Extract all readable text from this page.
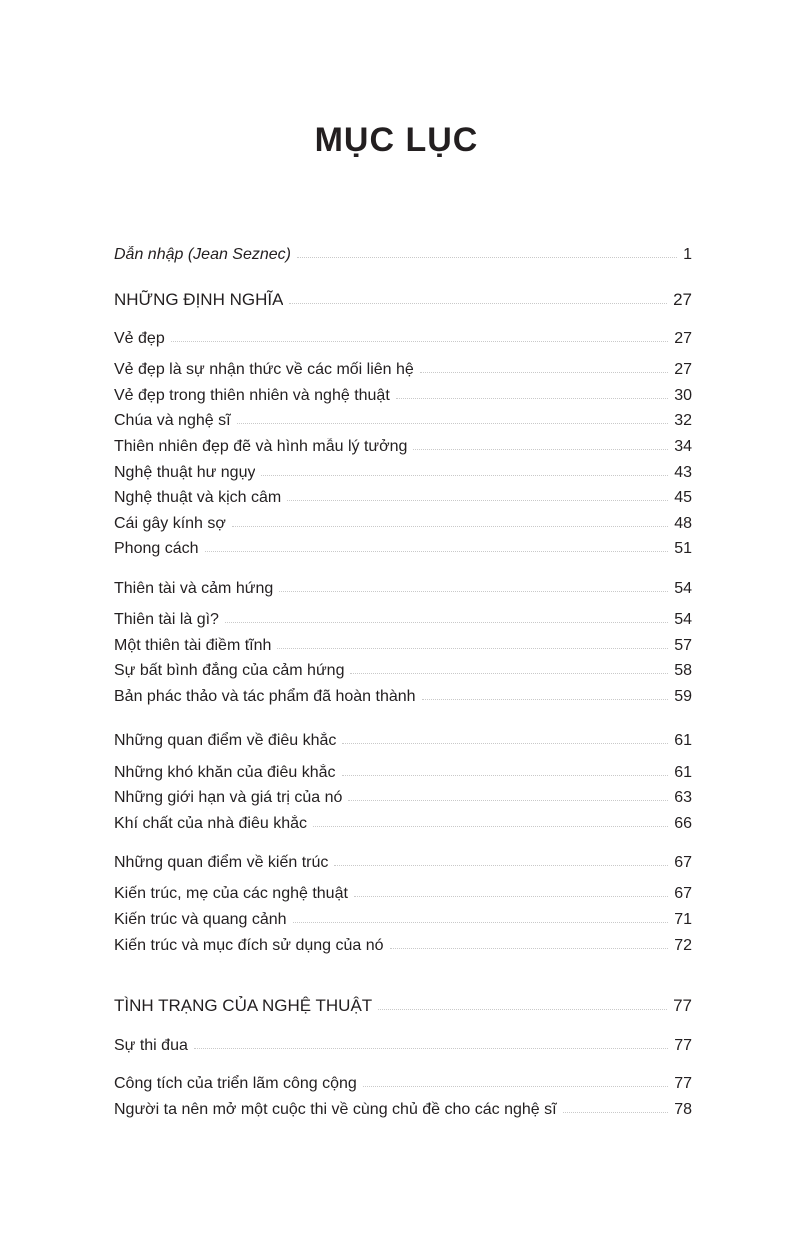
MỤC LỤC
Dẫn nhập (Jean Seznec)	1
NHỮNG ĐỊNH NGHĨA	27
Vẻ đẹp	27
Vẻ đẹp là sự nhận thức về các mối liên hệ	27
Vẻ đẹp trong thiên nhiên và nghệ thuật	30
Chúa và nghệ sĩ	32
Thiên nhiên đẹp đẽ và hình mẫu lý tưởng	34
Nghệ thuật hư ngụy	43
Nghệ thuật và kịch câm	45
Cái gây kính sợ	48
Phong cách	51
Thiên tài và cảm hứng	54
Thiên tài là gì?	54
Một thiên tài điềm tĩnh	57
Sự bất bình đẳng của cảm hứng	58
Bản phác thảo và tác phẩm đã hoàn thành	59
Những quan điểm về điêu khắc	61
Những khó khăn của điêu khắc	61
Những giới hạn và giá trị của nó	63
Khí chất của nhà điêu khắc	66
Những quan điểm về kiến trúc	67
Kiến trúc, mẹ của các nghệ thuật	67
Kiến trúc và quang cảnh	71
Kiến trúc và mục đích sử dụng của nó	72
TÌNH TRẠNG CỦA NGHỆ THUẬT	77
Sự thi đua	77
Công tích của triển lãm công cộng	77
Người ta nên mở một cuộc thi về cùng chủ đề cho các nghệ sĩ	78
